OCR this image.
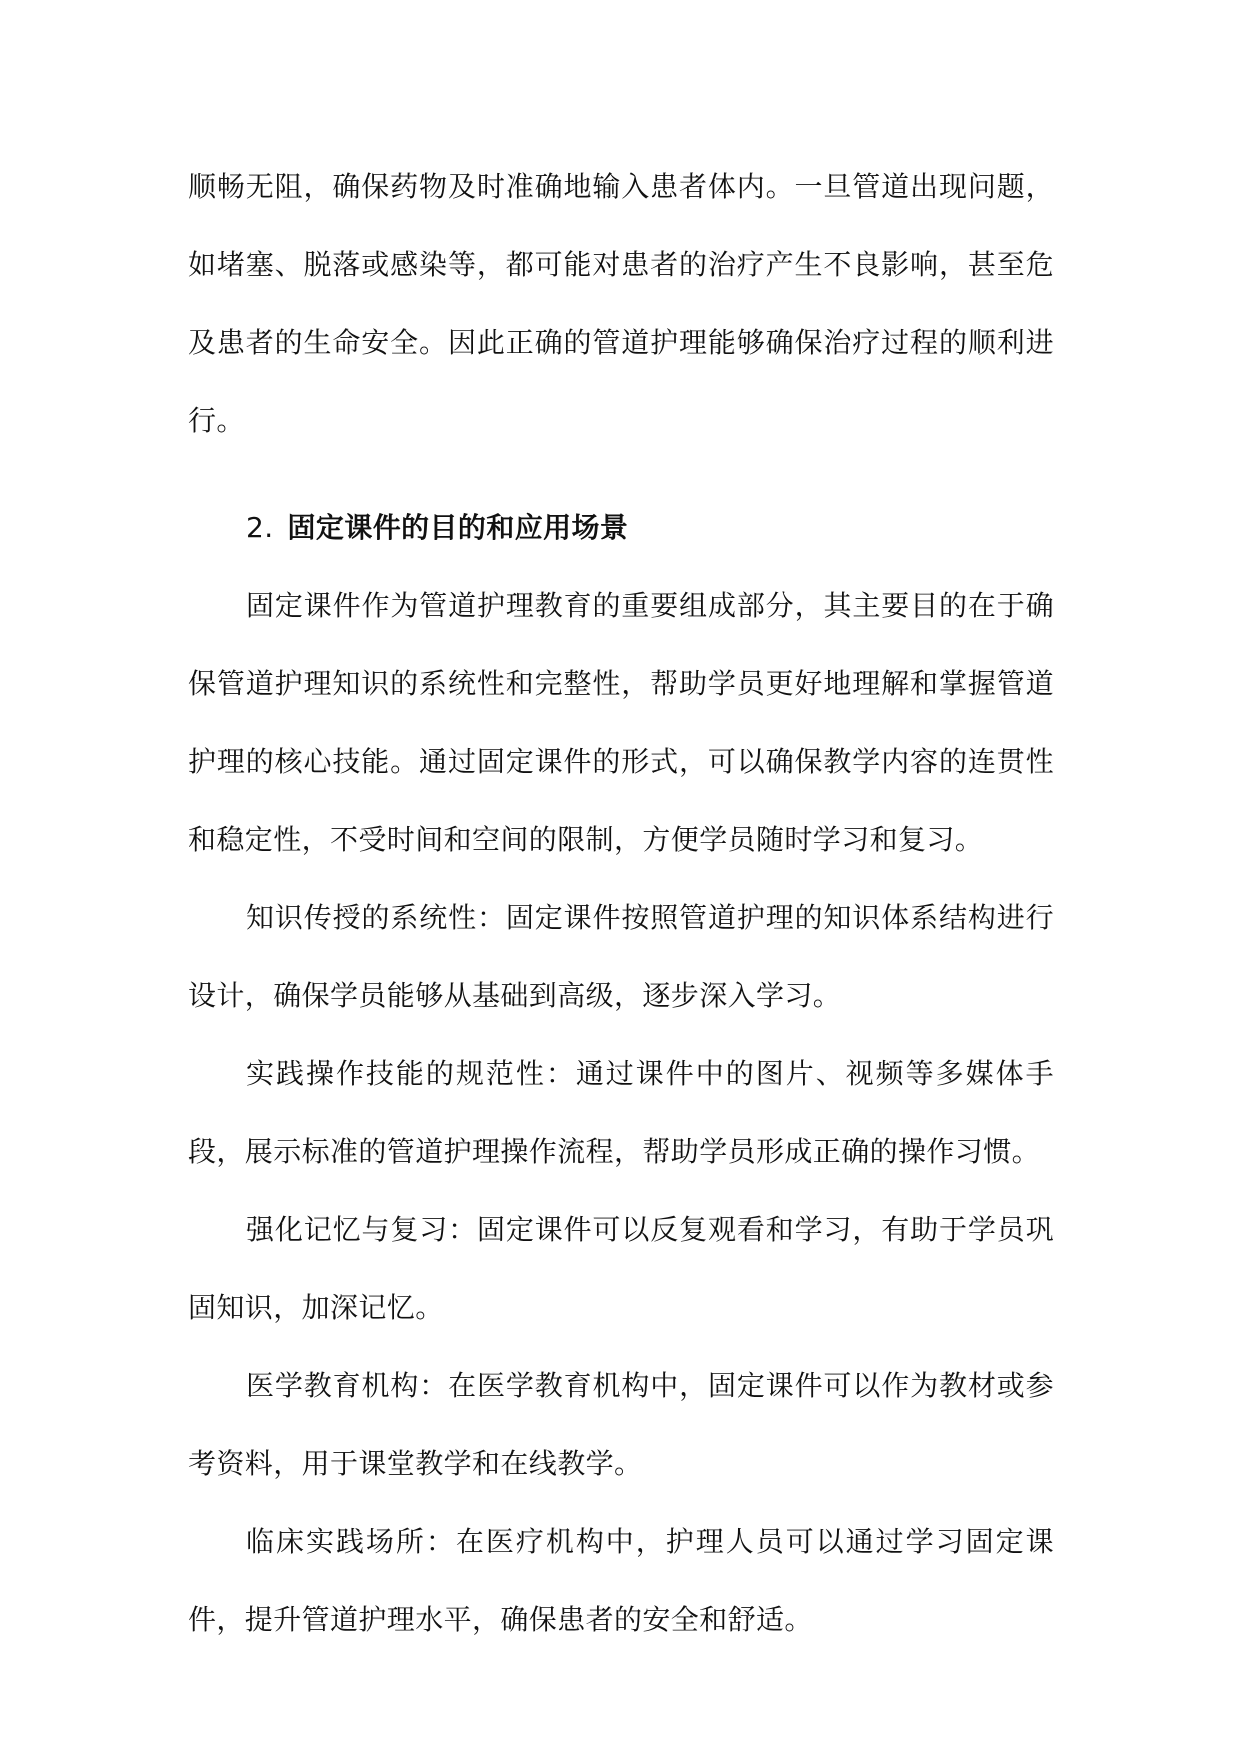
顺畅无阻，确保药物及时准确地输入患者体内。一旦管道出现问题，如堵塞、脱落或感染等，都可能对患者的治疗产生不良影响，甚至危及患者的生命安全。因此正确的管道护理能够确保治疗过程的顺利进行。

2. 固定课件的目的和应用场景

固定课件作为管道护理教育的重要组成部分，其主要目的在于确保管道护理知识的系统性和完整性，帮助学员更好地理解和掌握管道护理的核心技能。通过固定课件的形式，可以确保教学内容的连贯性和稳定性，不受时间和空间的限制，方便学员随时学习和复习。

知识传授的系统性：固定课件按照管道护理的知识体系结构进行设计，确保学员能够从基础到高级，逐步深入学习。

实践操作技能的规范性：通过课件中的图片、视频等多媒体手段，展示标准的管道护理操作流程，帮助学员形成正确的操作习惯。

强化记忆与复习：固定课件可以反复观看和学习，有助于学员巩固知识，加深记忆。

医学教育机构：在医学教育机构中，固定课件可以作为教材或参考资料，用于课堂教学和在线教学。

临床实践场所：在医疗机构中，护理人员可以通过学习固定课件，提升管道护理水平，确保患者的安全和舒适。
